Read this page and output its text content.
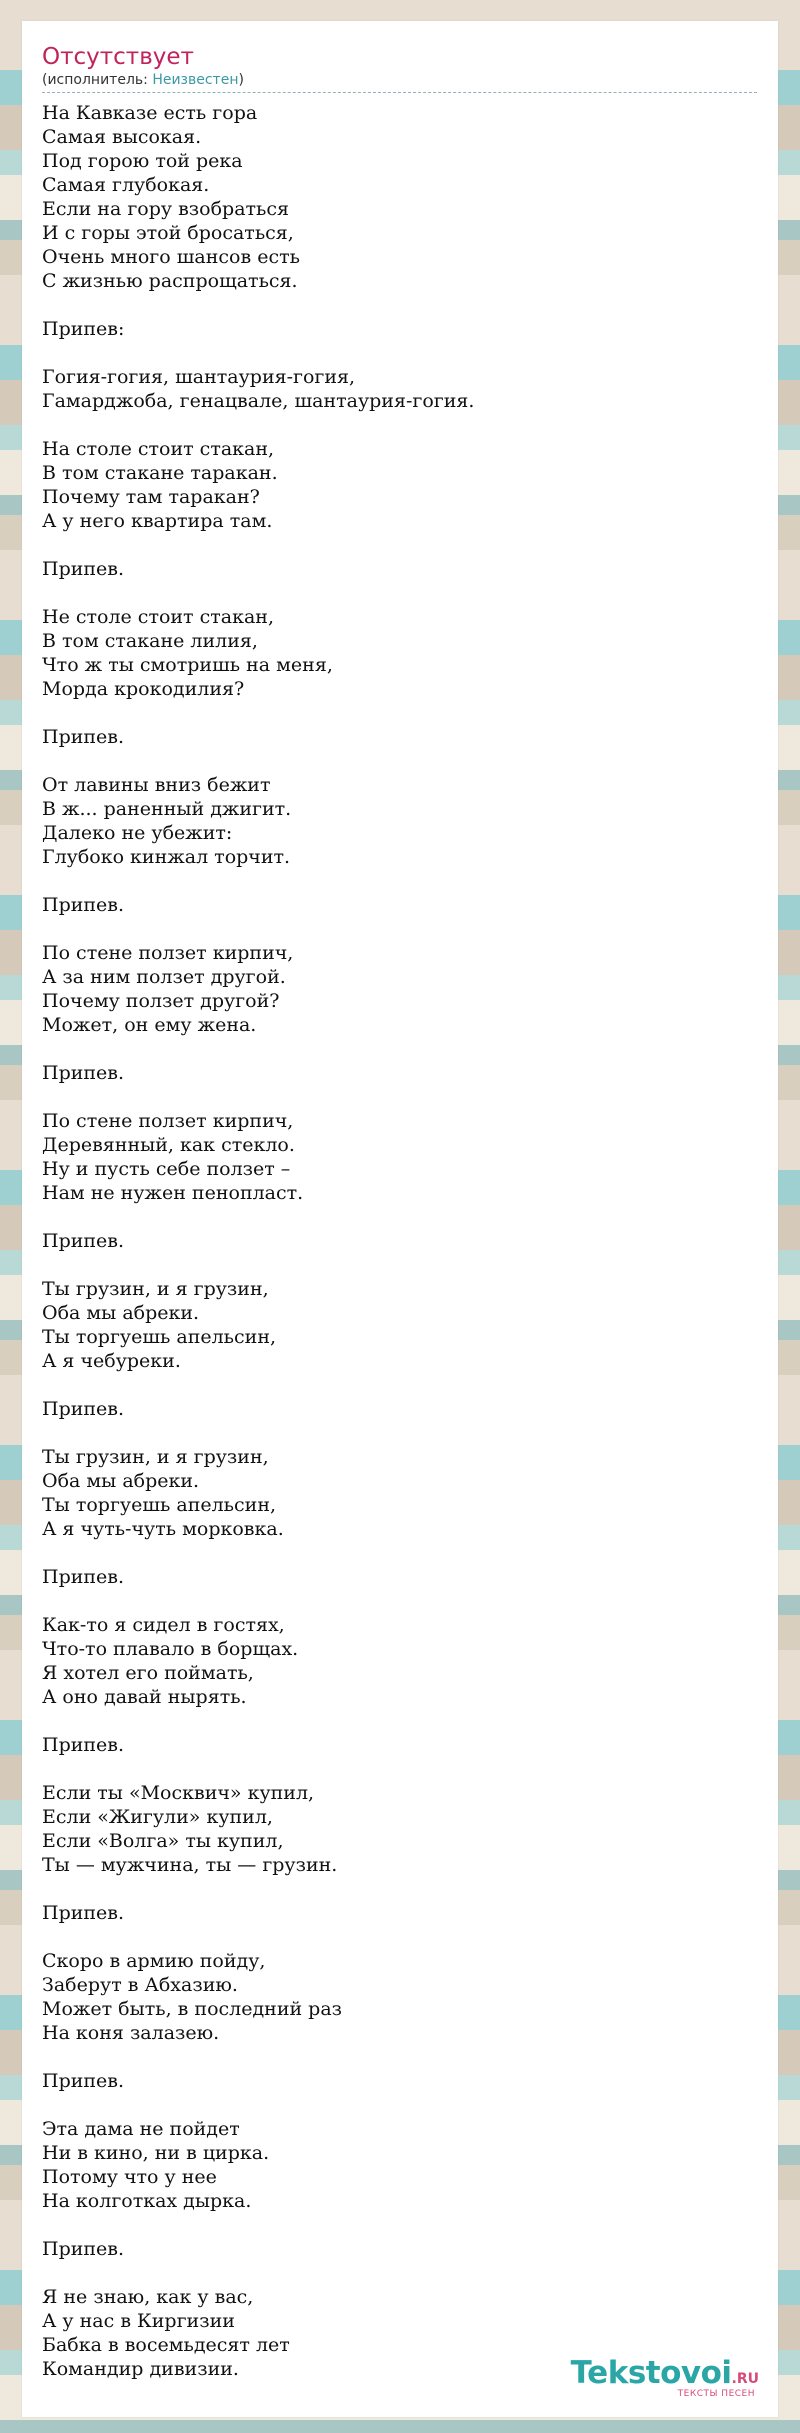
Отсутствует
(исполнитель: Неизвестен)
На Кавказе есть гора
Самая высокая.
Под горою той река
Самая глубокая.
Если на гору взобраться
И с горы этой бросаться,
Очень много шансов есть
С жизнью распрощаться.

Припев:

Гогия-гогия, шантаурия-гогия,
Гамарджоба, генацвале, шантаурия-гогия.

На столе стоит стакан,
В том стакане таракан.
Почему там таракан?
А у него квартира там.

Припев.

Не столе стоит стакан,
В том стакане лилия,
Что ж ты смотришь на меня,
Морда крокодилия?

Припев.

От лавины вниз бежит
В ж... раненный джигит.
Далеко не убежит:
Глубоко кинжал торчит.

Припев.

По стене ползет кирпич,
А за ним ползет другой.
Почему ползет другой?
Может, он ему жена.

Припев.

По стене ползет кирпич,
Деревянный, как стекло.
Ну и пусть себе ползет –
Нам не нужен пенопласт.

Припев.

Ты грузин, и я грузин,
Оба мы абреки.
Ты торгуешь апельсин,
А я чебуреки.

Припев.

Ты грузин, и я грузин,
Оба мы абреки.
Ты торгуешь апельсин,
А я чуть-чуть морковка.

Припев.

Как-то я сидел в гостях,
Что-то плавало в борщах.
Я хотел его поймать,
А оно давай нырять.

Припев.

Если ты «Москвич» купил,
Если «Жигули» купил,
Если «Волга» ты купил,
Ты — мужчина, ты — грузин.

Припев.

Скоро в армию пойду,
Заберут в Абхазию.
Может быть, в последний раз
На коня залазею.

Припев.

Эта дама не пойдет
Ни в кино, ни в цирка.
Потому что у нее
На колготках дырка.

Припев.

Я не знаю, как у вас,
А у нас в Киргизии
Бабка в восемьдесят лет
Командир дивизии.	Tekstovoi.RU
ТЕКСТЫ ПЕСЕН
